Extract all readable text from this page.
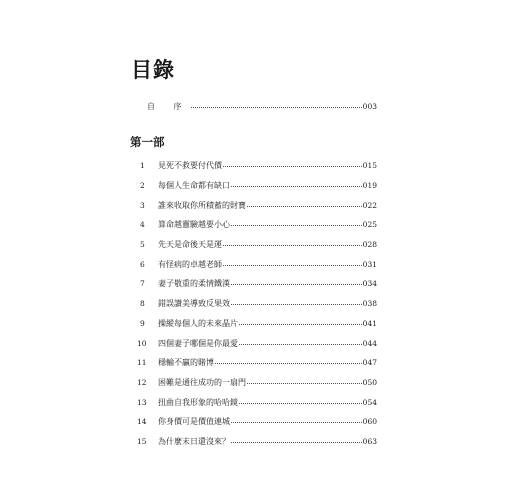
目錄
自 序	003
第一部
1	見死不救要付代價	015
2	每個人生命都有缺口	019
3	誰來收取你所積蓄的財寶	022
4	算命越靈驗越要小心	025
5	先天是命後天是運	028
6	有怪病的卓越老師	031
7	妻子敬重的柔情鐵漢	034
8	錯誤讚美導致反果效	038
9	操縱每個人的未來晶片	041
10	四個妻子哪個是你最愛	044
11	穩輸不贏的賭博	047
12	困難是通往成功的一扇門	050
13	扭曲自我形象的哈哈鏡	054
14	你身價可是價值連城	060
15	為什麼末日還沒來？	063
